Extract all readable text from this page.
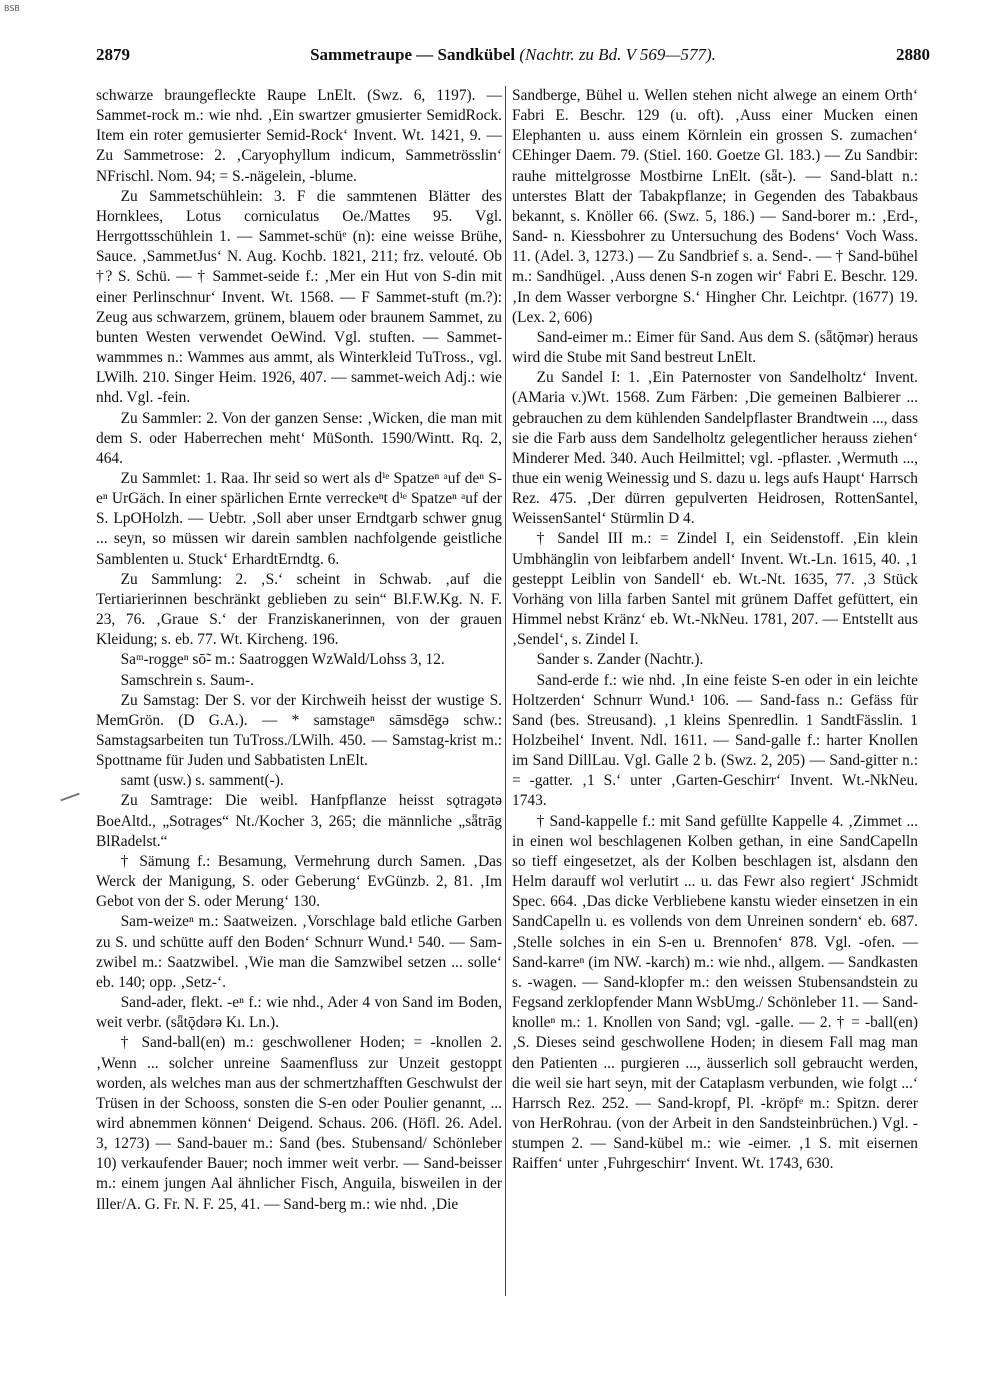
BSB
2879	Sammetraupe — Sandkübel (Nachtr. zu Bd. V 569—577).	2880

schwarze braungefleckte Raupe LnElt. (Swz. 6, 1197). — Sammet-rock m.: wie nhd. ‚Ein swartzer gmusierter SemidRock. Item ein roter gemusierter Semid-Rock‘ Invent. Wt. 1421, 9. — Zu Sammetrose: 2. ‚Caryophyllum indicum, Sammetrösslin‘ NFrischl. Nom. 94; = S.-nägelein, -blume.

Zu Sammetschühlein: 3. F die sammtenen Blätter des Hornklees, Lotus corniculatus Oe./Mattes 95. Vgl. Herrgottsschühlein 1. — Sammet-schüᵉ (n): eine weisse Brühe, Sauce. ‚SammetJus‘ N. Aug. Kochb. 1821, 211; frz. velouté. Ob †? S. Schü. — † Sammet-seide f.: ‚Mer ein Hut von S-din mit einer Perlinschnur‘ Invent. Wt. 1568. — F Sammet-stuft (m.?): Zeug aus schwarzem, grünem, blauem oder braunem Sammet, zu bunten Westen verwendet OeWind. Vgl. stuften. — Sammet-wammmes n.: Wammes aus ammt, als Winterkleid TuTross., vgl. LWilh. 210. Singer Heim. 1926, 407. — sammet-weich Adj.: wie nhd. Vgl. -fein.

Zu Sammler: 2. Von der ganzen Sense: ‚Wicken, die man mit dem S. oder Haberrechen meht‘ MüSonth. 1590/Wintt. Rq. 2, 464.

Zu Sammlet: 1. Raa. Ihr seid so wert als dⁱᵉ Spatzeⁿ ᵃuf deⁿ S-eⁿ UrGäch. In einer spärlichen Ernte verreckeⁿt dⁱᵉ Spatzeⁿ ᵃuf der S. LpOHolzh. — Uebtr. ‚Soll aber unser Erndtgarb schwer gnug ... seyn, so müssen wir darein samblen nachfolgende geistliche Samblenten u. Stuck‘ ErhardtErndtg. 6.

Zu Sammlung: 2. ‚S.‘ scheint in Schwab. ‚auf die Tertiarierinnen beschränkt geblieben zu sein“ Bl.F.W.Kg. N. F. 23, 76. ‚Graue S.‘ der Franziskanerinnen, von der grauen Kleidung; s. eb. 77. Wt. Kircheng. 196.

Saᵐ-roggeⁿ sō̃- m.: Saatroggen WzWald/Lohss 3, 12.

Samschrein s. Saum-.

Zu Samstag: Der S. vor der Kirchweih heisst der wustige S. MemGrön. (D G.A.). — * samstageⁿ sāmsdēgə schw.: Samstagsarbeiten tun TuTross./LWilh. 450. — Samstag-krist m.: Spottname für Juden und Sabbatisten LnElt.

samt (usw.) s. samment(-).

Zu Samtrage: Die weibl. Hanfpflanze heisst sǫtragətə BoeAltd., „Sotrages“ Nt./Kocher 3, 265; die männliche „sǟtrāg BlRadelst.“

† Sämung f.: Besamung, Vermehrung durch Samen. ‚Das Werck der Manigung, S. oder Geberung‘ EvGünzb. 2, 81. ‚Im Gebot von der S. oder Merung‘ 130.

Sam-weizeⁿ m.: Saatweizen. ‚Vorschlage bald etliche Garben zu S. und schütte auff den Boden‘ Schnurr Wund.¹ 540. — Sam-zwibel m.: Saatzwibel. ‚Wie man die Samzwibel setzen ... solle‘ eb. 140; opp. ‚Setz-‘.

Sand-ader, flekt. -eⁿ f.: wie nhd., Ader 4 von Sand im Boden, weit verbr. (sǟtǭdərə Kı. Ln.).

† Sand-ball(en) m.: geschwollener Hoden; = -knollen 2. ‚Wenn ... solcher unreine Saamenfluss zur Unzeit gestoppt worden, als welches man aus der schmertzhafften Geschwulst der Trüsen in der Schooss, sonsten die S-en oder Poulier genannt, ... wird abnemmen können‘ Deigend. Schaus. 206. (Höfl. 26. Adel. 3, 1273) — Sand-bauer m.: Sand (bes. Stubensand/ Schönleber 10) verkaufender Bauer; noch immer weit verbr. — Sand-beisser m.: einem jungen Aal ähnlicher Fisch, Anguila, bisweilen in der Iller/A. G. Fr. N. F. 25, 41. — Sand-berg m.: wie nhd. ‚Die

Sandberge, Bühel u. Wellen stehen nicht alwege an einem Orth‘ Fabri E. Beschr. 129 (u. oft). ‚Auss einer Mucken einen Elephanten u. auss einem Körnlein ein grossen S. zumachen‘ CEhinger Daem. 79. (Stiel. 160. Goetze Gl. 183.) — Zu Sandbir: rauhe mittelgrosse Mostbirne LnElt. (sǟt-). — Sand-blatt n.: unterstes Blatt der Tabakpflanze; in Gegenden des Tabakbaus bekannt, s. Knöller 66. (Swz. 5, 186.) — Sand-borer m.: ‚Erd-, Sand- n. Kiessbohrer zu Untersuchung des Bodens‘ Voch Wass. 11. (Adel. 3, 1273.) — Zu Sandbrief s. a. Send-. — † Sand-bühel m.: Sandhügel. ‚Auss denen S-n zogen wir‘ Fabri E. Beschr. 129. ‚In dem Wasser verborgne S.‘ Hingher Chr. Leichtpr. (1677) 19. (Lex. 2, 606)

Sand-eimer m.: Eimer für Sand. Aus dem S. (sǟtǭmər) heraus wird die Stube mit Sand bestreut LnElt.

Zu Sandel I: 1. ‚Ein Paternoster von Sandelholtz‘ Invent. (AMaria v.)Wt. 1568. Zum Färben: ‚Die gemeinen Balbierer ... gebrauchen zu dem kühlenden Sandelpflaster Brandtwein ..., dass sie die Farb auss dem Sandelholtz gelegentlicher herauss ziehen‘ Minderer Med. 340. Auch Heilmittel; vgl. -pflaster. ‚Wermuth ..., thue ein wenig Weinessig und S. dazu u. legs aufs Haupt‘ Harrsch Rez. 475. ‚Der dürren gepulverten Heidrosen, RottenSantel, WeissenSantel‘ Stürmlin D 4.

† Sandel III m.: = Zindel I, ein Seidenstoff. ‚Ein klein Umbhänglin von leibfarbem andell‘ Invent. Wt.-Ln. 1615, 40. ‚1 gesteppt Leiblin von Sandell‘ eb. Wt.-Nt. 1635, 77. ‚3 Stück Vorhäng von lilla farben Santel mit grünem Daffet gefüttert, ein Himmel nebst Kränz‘ eb. Wt.-NkNeu. 1781, 207. — Entstellt aus ‚Sendel‘, s. Zindel I.

Sander s. Zander (Nachtr.).

Sand-erde f.: wie nhd. ‚In eine feiste S-en oder in ein leichte Holtzerden‘ Schnurr Wund.¹ 106. — Sand-fass n.: Gefäss für Sand (bes. Streusand). ‚1 kleins Spenredlin. 1 SandtFässlin. 1 Holzbeihel‘ Invent. Ndl. 1611. — Sand-galle f.: harter Knollen im Sand DillLau. Vgl. Galle 2 b. (Swz. 2, 205) — Sand-gitter n.: = -gatter. ‚1 S.‘ unter ‚Garten-Geschirr‘ Invent. Wt.-NkNeu. 1743.

† Sand-kappelle f.: mit Sand gefüllte Kappelle 4. ‚Zimmet ... in einen wol beschlagenen Kolben gethan, in eine SandCapelln so tieff eingesetzet, als der Kolben beschlagen ist, alsdann den Helm darauff wol verlutirt ... u. das Fewr also regiert‘ JSchmidt Spec. 664. ‚Das dicke Verbliebene kanstu wieder einsetzen in ein SandCapelln u. es vollends von dem Unreinen sondern‘ eb. 687. ‚Stelle solches in ein S-en u. Brennofen‘ 878. Vgl. -ofen. — Sand-karreⁿ (im NW. -karch) m.: wie nhd., allgem. — Sandkasten s. -wagen. — Sand-klopfer m.: den weissen Stubensandstein zu Fegsand zerklopfender Mann WsbUmg./ Schönleber 11. — Sand-knolleⁿ m.: 1. Knollen von Sand; vgl. -galle. — 2. † = -ball(en) ‚S. Dieses seind geschwollene Hoden; in diesem Fall mag man den Patienten ... purgieren ..., äusserlich soll gebraucht werden, die weil sie hart seyn, mit der Cataplasm verbunden, wie folgt ...‘ Harrsch Rez. 252. — Sand-kropf, Pl. -kröpfᵉ m.: Spitzn. derer von HerRohrau. (von der Arbeit in den Sandsteinbrüchen.) Vgl. -stumpen 2. — Sand-kübel m.: wie -eimer. ‚1 S. mit eisernen Raiffen‘ unter ‚Fuhrgeschirr‘ Invent. Wt. 1743, 630.
